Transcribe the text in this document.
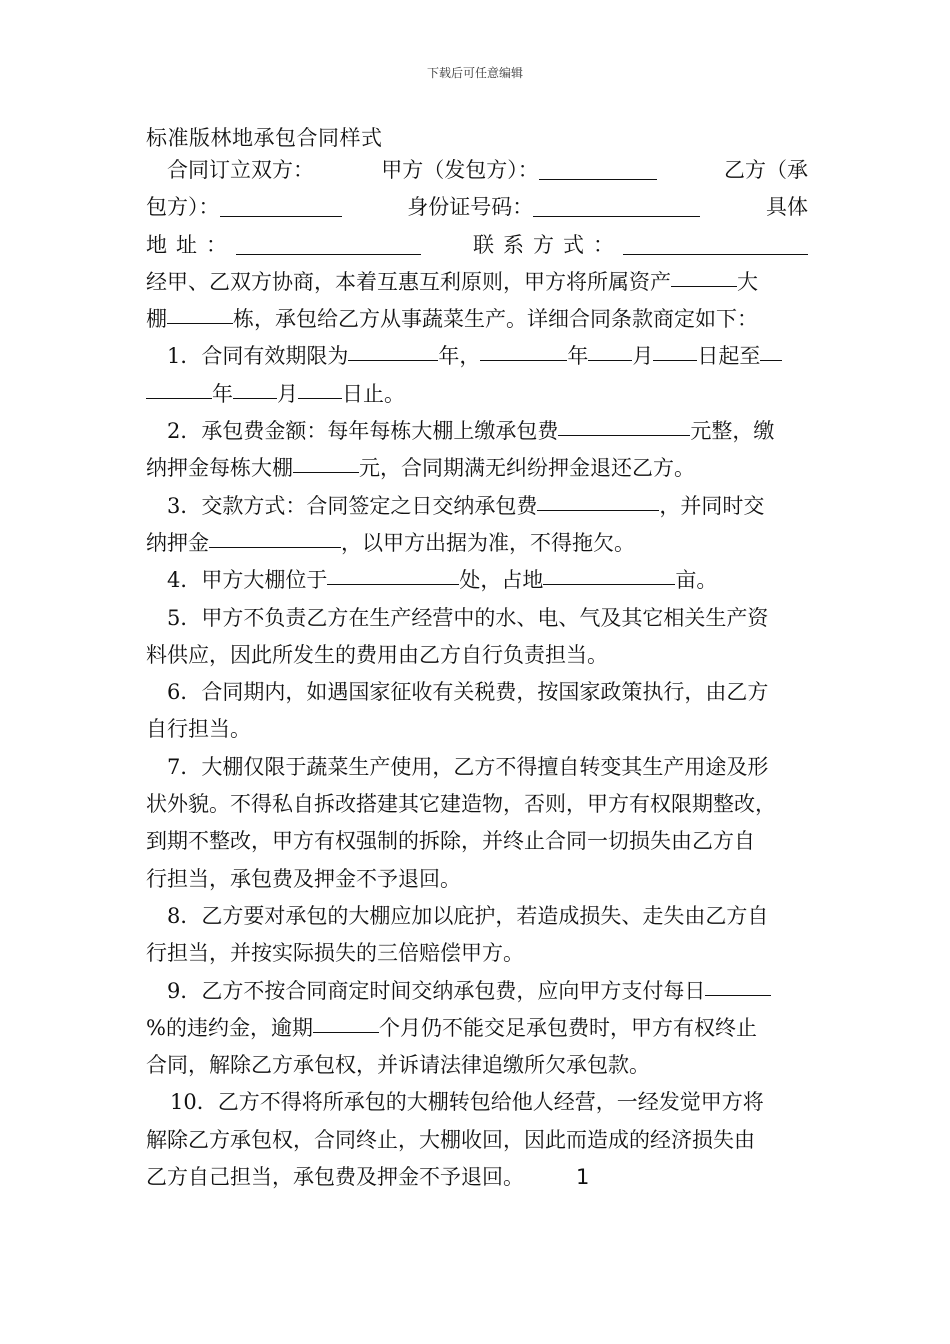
下载后可任意编辑
标准版林地承包合同样式
合同订立双方：	甲方（发包方）：	乙方（承
包方）：	身份证号码：	具体
地址：	联系方式：
经甲、乙双方协商，本着互惠互利原则，甲方将所属资产	大
棚	栋，承包给乙方从事蔬菜生产。详细合同条款商定如下：
1．合同有效期限为	年，	年 月 日起至
年 月 日止。
2．承包费金额：每年每栋大棚上缴承包费	元整，缴
纳押金每栋大棚	元，合同期满无纠纷押金退还乙方。
3．交款方式：合同签定之日交纳承包费	，并同时交
纳押金	，以甲方出据为准，不得拖欠。
4．甲方大棚位于	处，占地	亩。
5．甲方不负责乙方在生产经营中的水、电、气及其它相关生产资
料供应，因此所发生的费用由乙方自行负责担当。
6．合同期内，如遇国家征收有关税费，按国家政策执行，由乙方
自行担当。
7．大棚仅限于蔬菜生产使用，乙方不得擅自转变其生产用途及形
状外貌。不得私自拆改搭建其它建造物，否则，甲方有权限期整改，
到期不整改，甲方有权强制的拆除，并终止合同一切损失由乙方自
行担当，承包费及押金不予退回。
8．乙方要对承包的大棚应加以庇护，若造成损失、走失由乙方自
行担当，并按实际损失的三倍赔偿甲方。
9．乙方不按合同商定时间交纳承包费，应向甲方支付每日
%的违约金，逾期	个月仍不能交足承包费时，甲方有权终止
合同，解除乙方承包权，并诉请法律追缴所欠承包款。
10．乙方不得将所承包的大棚转包给他人经营，一经发觉甲方将
解除乙方承包权，合同终止，大棚收回，因此而造成的经济损失由
乙方自己担当，承包费及押金不予退回。 1
